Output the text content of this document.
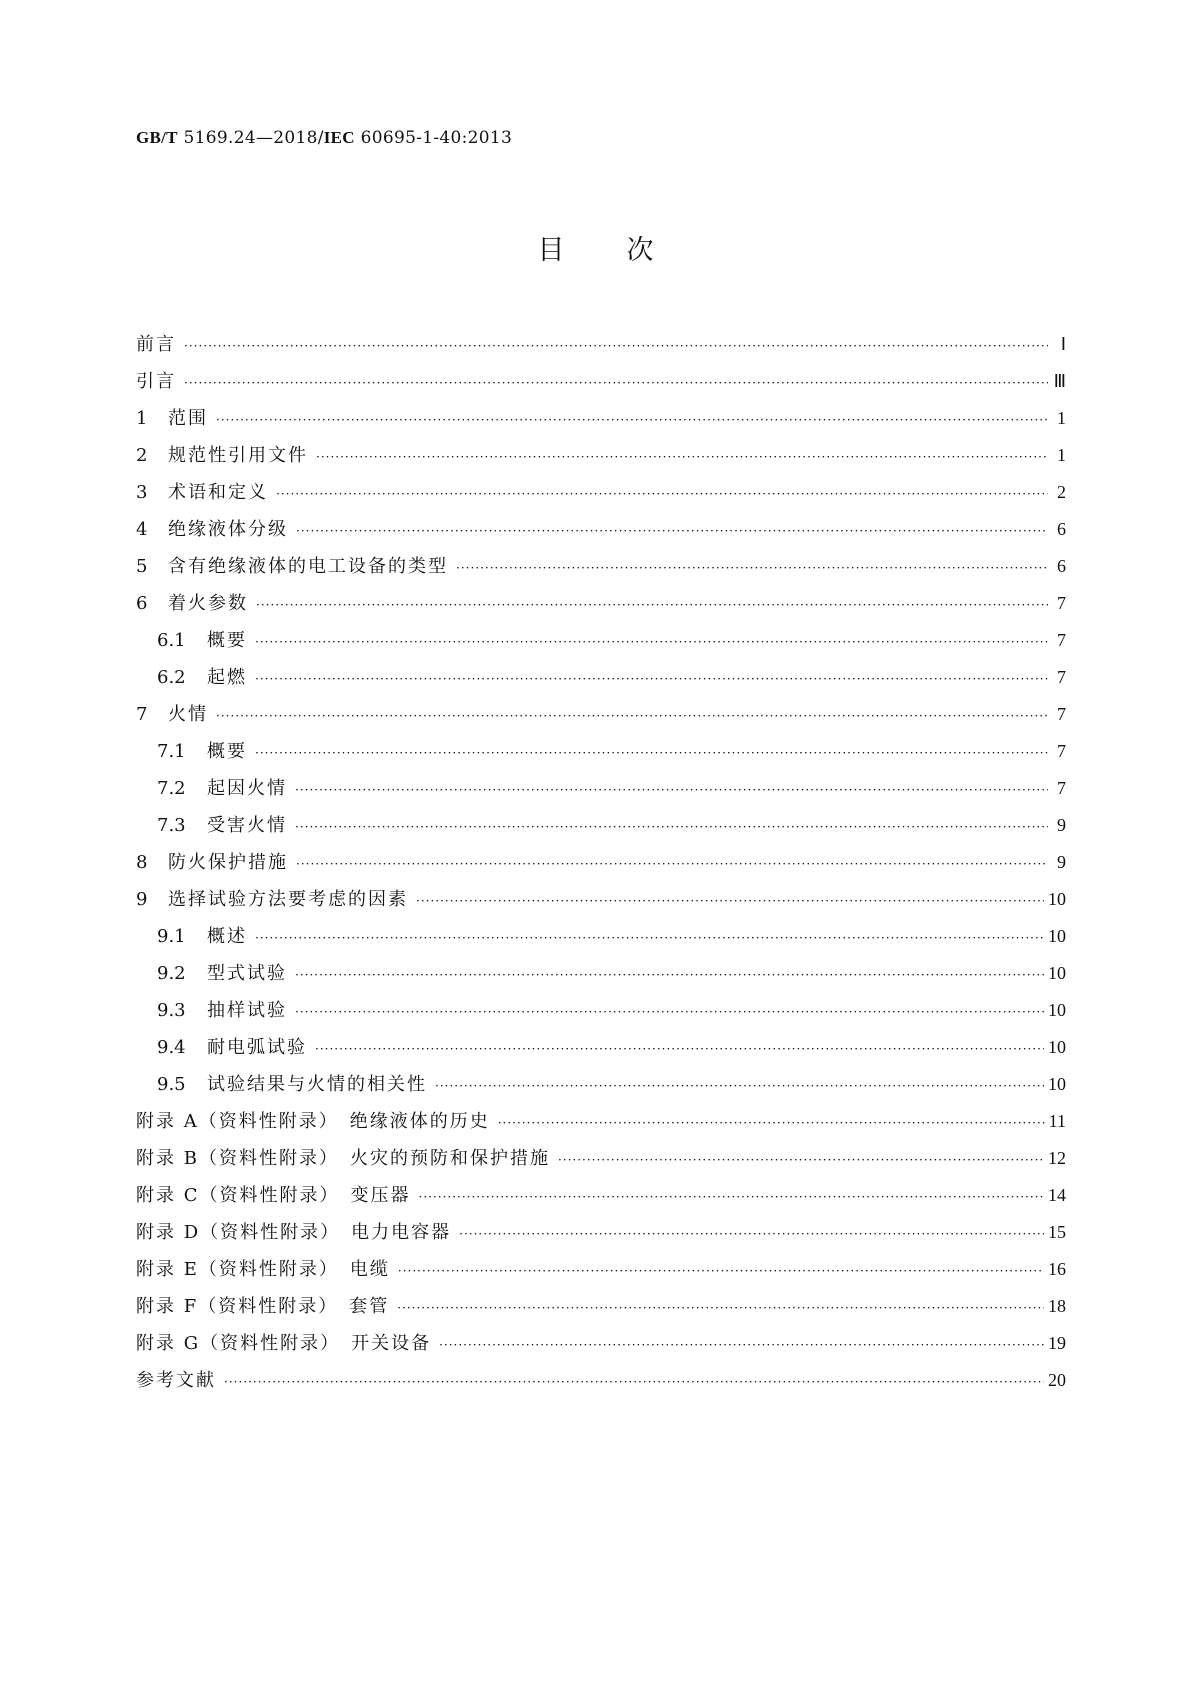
GB/T 5169.24—2018/IEC 60695-1-40:2013
目次
前言 ·····	Ⅰ
引言 ·····	Ⅲ
1	范围 ·····	1
2	规范性引用文件 ·····	1
3	术语和定义 ·····	2
4	绝缘液体分级 ·····	6
5	含有绝缘液体的电工设备的类型 ·····	6
6	着火参数 ·····	7
6.1	概要 ·····	7
6.2	起燃 ·····	7
7	火情 ·····	7
7.1	概要 ·····	7
7.2	起因火情 ·····	7
7.3	受害火情 ·····	9
8	防火保护措施 ·····	9
9	选择试验方法要考虑的因素 ·····	10
9.1	概述 ·····	10
9.2	型式试验 ·····	10
9.3	抽样试验 ·····	10
9.4	耐电弧试验 ·····	10
9.5	试验结果与火情的相关性 ·····	10
附录 A（资料性附录）　绝缘液体的历史 ·····	11
附录 B（资料性附录）　火灾的预防和保护措施 ·····	12
附录 C（资料性附录）　变压器 ·····	14
附录 D（资料性附录）　电力电容器 ·····	15
附录 E（资料性附录）　电缆 ·····	16
附录 F（资料性附录）　套管 ·····	18
附录 G（资料性附录）　开关设备 ·····	19
参考文献 ·····	20
